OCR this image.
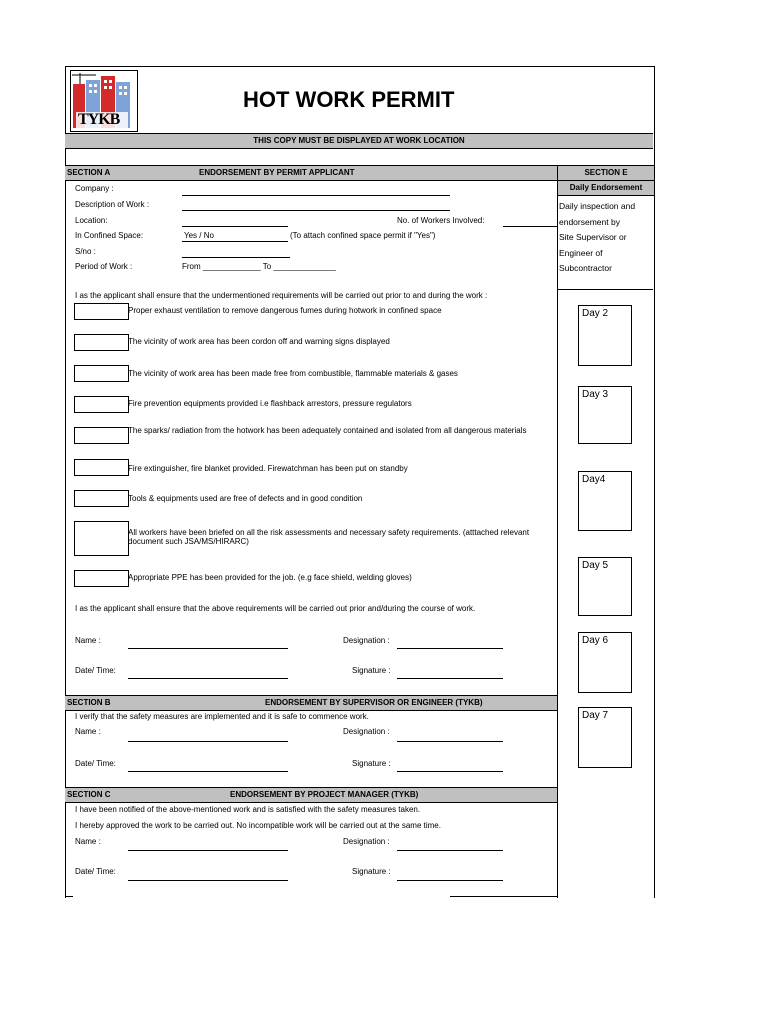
TYKB
HOT WORK PERMIT
THIS COPY MUST BE DISPLAYED AT WORK LOCATION
SECTION A	ENDORSEMENT BY PERMIT APPLICANT	SECTION E
Daily Endorsement
Daily inspection and
endorsement by
Site Supervisor or
Engineer of
Subcontractor
Day 2
Day 3
Day4
Day 5
Day 6
Day 7
Company :
Description of Work :
Location:	No. of Workers Involved:
In Confined Space:	Yes / No	(To attach confined space permit if "Yes")
S/no :
Period of Work :	From _____________ To ______________
I as the applicant shall ensure that the undermentioned requirements will be carried out prior to and during the work :
Proper exhaust ventilation to remove dangerous fumes during hotwork in confined space
The vicinity of work area has been cordon off and warning signs displayed
The vicinity of work area has been made free from combustible, flammable materials & gases
Fire prevention equipments provided i.e flashback arrestors, pressure regulators
The sparks/ radiation from the hotwork has been adequately contained and isolated from all dangerous materials
Fire extinguisher, fire blanket provided. Firewatchman has been put on standby
Tools & equipments used are free of defects and in good condition
All workers have been briefed on all the risk assessments and necessary safety requirements. (atttached relevant document such JSA/MS/HIRARC)
Appropriate PPE has been provided for the job. (e.g face shield, welding gloves)
I as the applicant shall ensure that the above requirements will be carried out prior and/during the course of work.
Name :	Designation :
Date/ Time:	Signature :
SECTION B	ENDORSEMENT BY SUPERVISOR OR ENGINEER (TYKB)
I verify that the safety measures are implemented and it is safe to commence work.
Name :	Designation :
Date/ Time:	Signature :
SECTION C	ENDORSEMENT BY PROJECT MANAGER (TYKB)
I have been notified of the above-mentioned work and is satisfied with the safety measures taken.
I hereby approved the work to be carried out. No incompatible work will be carried out at the same time.
Name :	Designation :
Date/ Time:	Signature :
